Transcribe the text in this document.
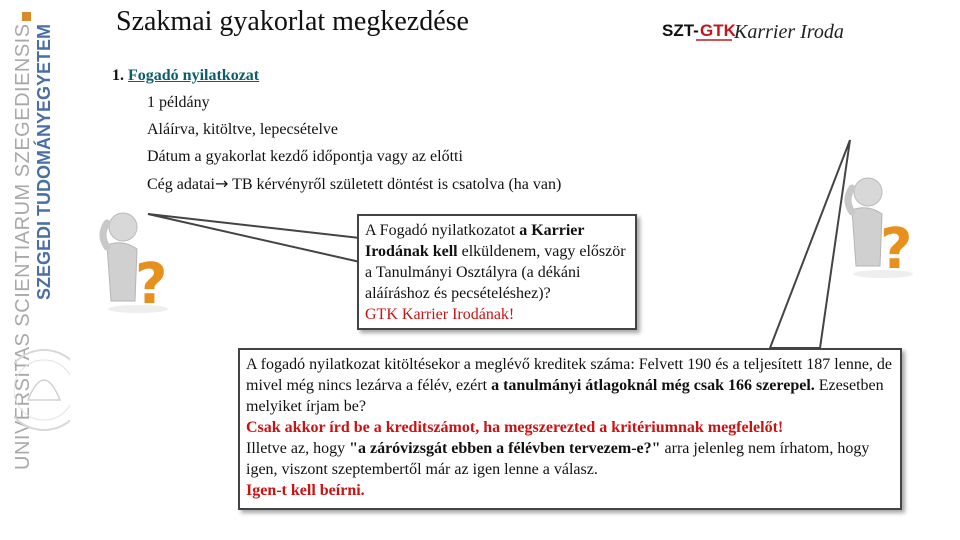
UNIVERSITAS SCIENTIARUM SZEGEDIENSIS SZEGEDI TUDOMÁNYEGYETEM
Szakmai gyakorlat megkezdése	SZT- GTK
Karrier Iroda
1. Fogadó nyilatkozat
1 példány
Aláírva, kitöltve, lepecsételve
Dátum a gyakorlat kezdő időpontja vagy az előtti
Cég adatai→ TB kérvényről született döntést is csatolva (ha van)
?
?
A Fogadó nyilatkozatot a Karrier Irodának kell elküldenem, vagy először a Tanulmányi Osztályra (a dékáni aláíráshoz és pecsételéshez)?
GTK Karrier Irodának!
A fogadó nyilatkozat kitöltésekor a meglévő kreditek száma: Felvett 190 és a teljesített 187 lenne, de mivel még nincs lezárva a félév, ezért a tanulmányi átlagoknál még csak 166 szerepel. Ezesetben melyiket írjam be?
Csak akkor írd be a kreditszámot, ha megszerezted a kritériumnak megfelelőt!
Illetve az, hogy "a záróvizsgát ebben a félévben tervezem-e?" arra jelenleg nem írhatom, hogy igen, viszont szeptembertől már az igen lenne a válasz.
Igen-t kell beírni.
